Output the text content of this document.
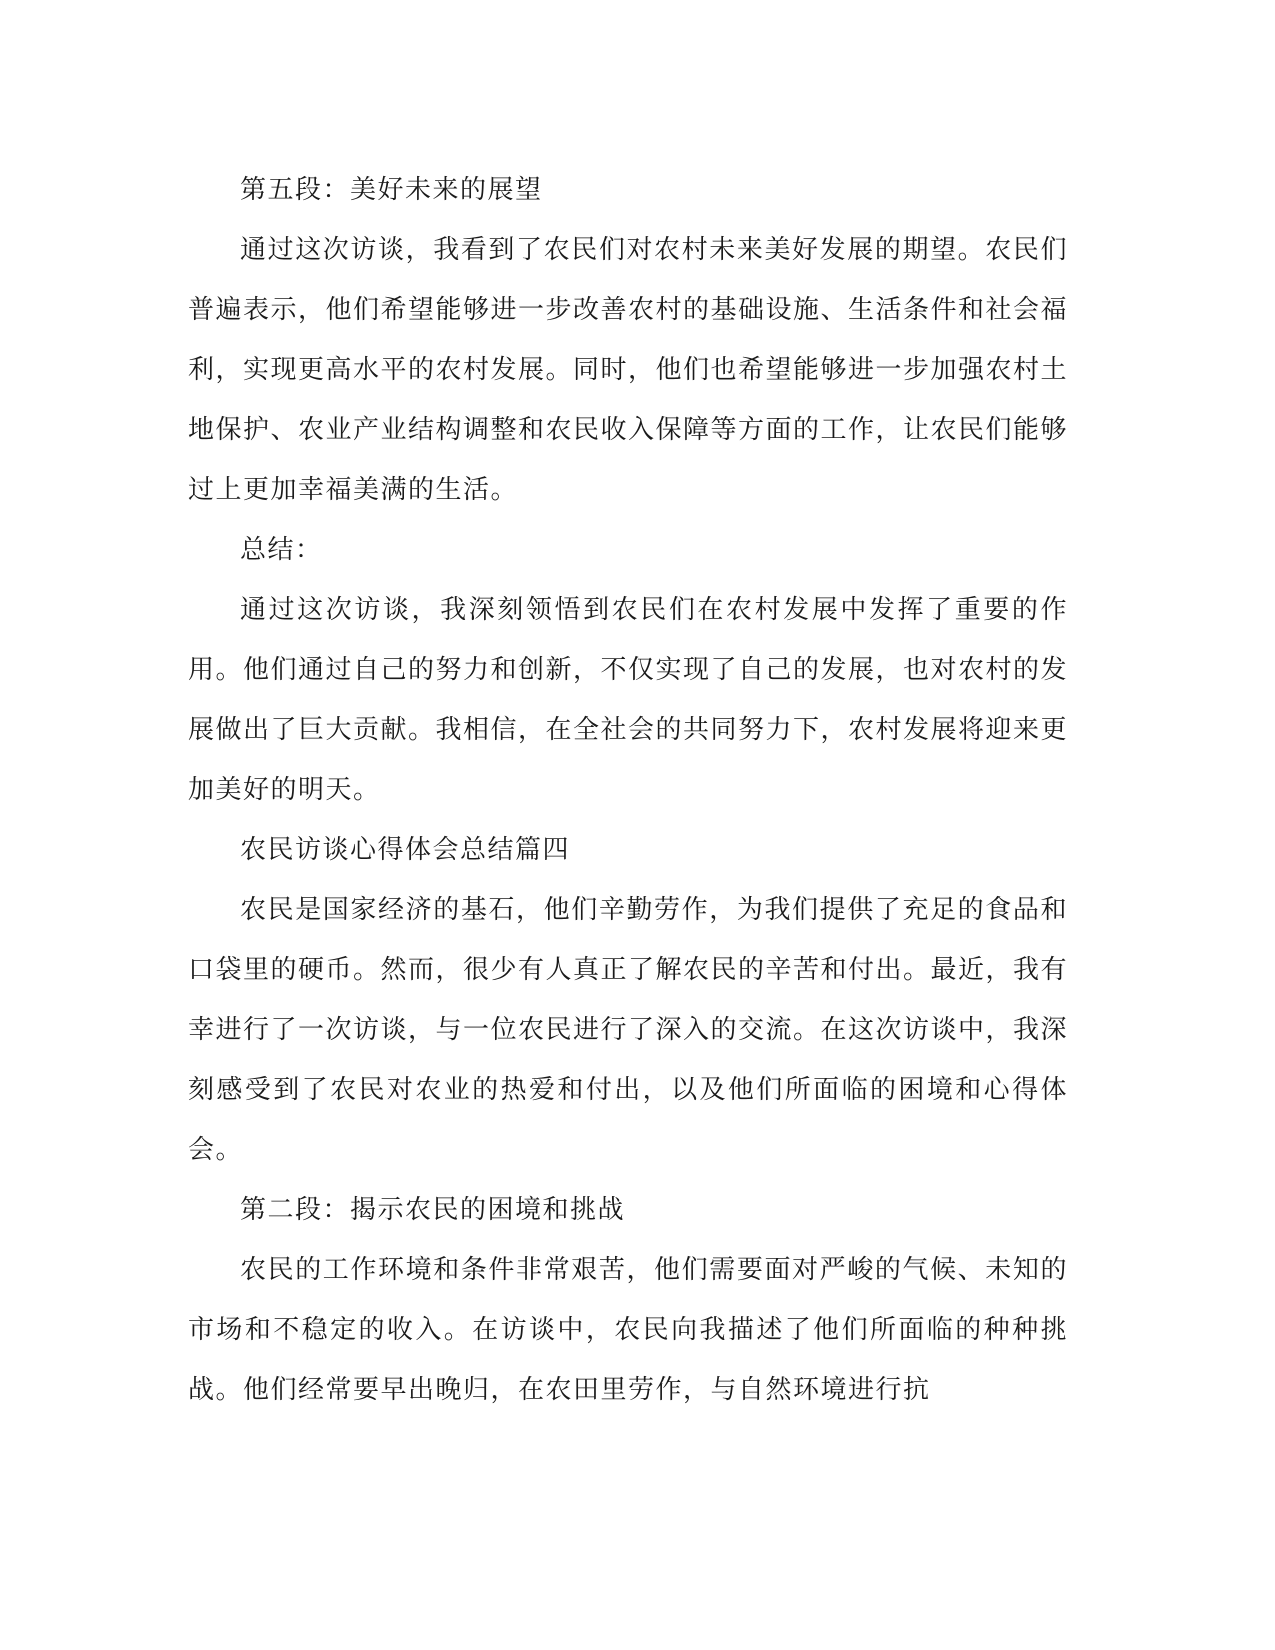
第五段：美好未来的展望

通过这次访谈，我看到了农民们对农村未来美好发展的期望。农民们普遍表示，他们希望能够进一步改善农村的基础设施、生活条件和社会福利，实现更高水平的农村发展。同时，他们也希望能够进一步加强农村土地保护、农业产业结构调整和农民收入保障等方面的工作，让农民们能够过上更加幸福美满的生活。

总结：

通过这次访谈，我深刻领悟到农民们在农村发展中发挥了重要的作用。他们通过自己的努力和创新，不仅实现了自己的发展，也对农村的发展做出了巨大贡献。我相信，在全社会的共同努力下，农村发展将迎来更加美好的明天。

农民访谈心得体会总结篇四

农民是国家经济的基石，他们辛勤劳作，为我们提供了充足的食品和口袋里的硬币。然而，很少有人真正了解农民的辛苦和付出。最近，我有幸进行了一次访谈，与一位农民进行了深入的交流。在这次访谈中，我深刻感受到了农民对农业的热爱和付出，以及他们所面临的困境和心得体会。

第二段：揭示农民的困境和挑战

农民的工作环境和条件非常艰苦，他们需要面对严峻的气候、未知的市场和不稳定的收入。在访谈中，农民向我描述了他们所面临的种种挑战。他们经常要早出晚归，在农田里劳作，与自然环境进行抗
